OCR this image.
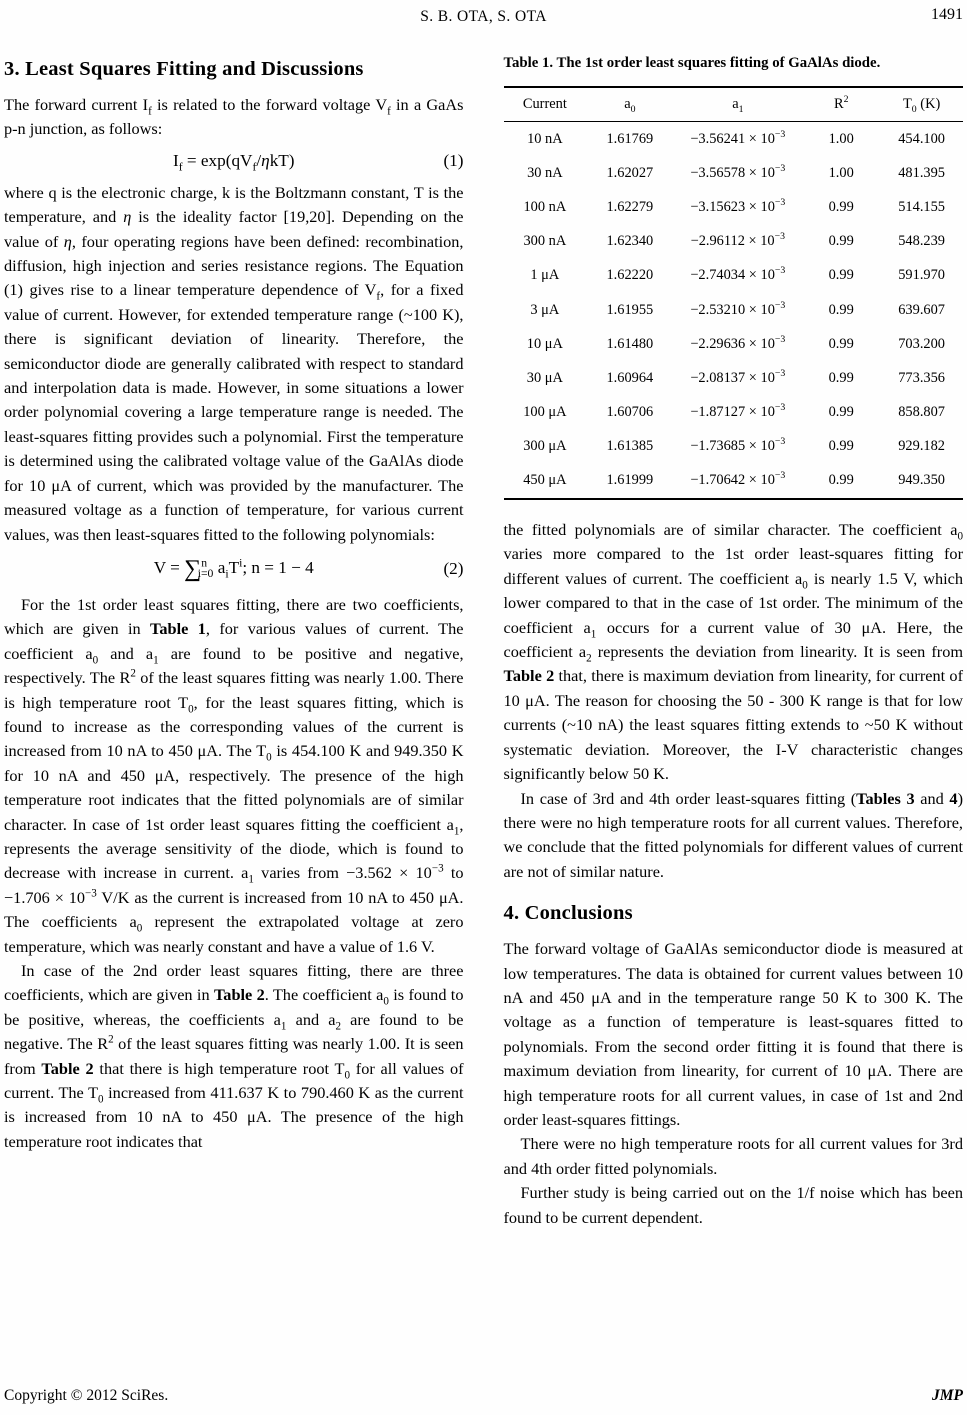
S. B. OTA, S. OTA	1491
3. Least Squares Fitting and Discussions

The forward current $I_f$ is related to the forward voltage $V_f$ in a GaAs p-n junction, as follows:

$I_f = \exp(qV_f/\eta kT)$	(1)

where q is the electronic charge, k is the Boltzmann constant, T is the temperature, and η is the ideality factor [19,20]. Depending on the value of η, four operating regions have been defined: recombination, diffusion, high injection and series resistance regions. The Equation (1) gives rise to a linear temperature dependence of $V_f$, for a fixed value of current. However, for extended temperature range (~100 K), there is significant deviation of linearity. Therefore, the semiconductor diode are generally calibrated with respect to standard and interpolation data is made. However, in some situations a lower order polynomial covering a large temperature range is needed. The least-squares fitting provides such a polynomial. First the temperature is determined using the calibrated voltage value of the GaAlAs diode for 10 μA of current, which was provided by the manufacturer. The measured voltage as a function of temperature, for various current values, was then least-squares fitted to the following polynomials:

V = ∑$^n_{i=0}$ $a_iT^i$; n = 1 − 4	(2)

For the 1st order least squares fitting, there are two coefficients, which are given in Table 1, for various values of current. The coefficient $a_0$ and $a_1$ are found to be positive and negative, respectively. The $R^2$ of the least squares fitting was nearly 1.00. There is high temperature root $T_0$, for the least squares fitting, which is found to increase as the corresponding values of the current is increased from 10 nA to 450 μA. The $T_0$ is 454.100 K and 949.350 K for 10 nA and 450 μA, respectively. The presence of the high temperature root indicates that the fitted polynomials are of similar character. In case of 1st order least squares fitting the coefficient $a_1$, represents the average sensitivity of the diode, which is found to decrease with increase in current. $a_1$ varies from $-3.562 \times 10^{-3}$ to $-1.706 \times 10^{-3}$ V/K as the current is increased from 10 nA to 450 μA. The coefficients $a_0$ represent the extrapolated voltage at zero temperature, which was nearly constant and have a value of 1.6 V.

In case of the 2nd order least squares fitting, there are three coefficients, which are given in Table 2. The coefficient $a_0$ is found to be positive, whereas, the coefficients $a_1$ and $a_2$ are found to be negative. The $R^2$ of the least squares fitting was nearly 1.00. It is seen from Table 2 that there is high temperature root $T_0$ for all values of current. The $T_0$ increased from 411.637 K to 790.460 K as the current is increased from 10 nA to 450 μA. The presence of the high temperature root indicates that

Table 1. The 1st order least squares fitting of GaAlAs diode.
Current	$a_0$	$a_1$	$R^2$	$T_0$ (K)
10 nA	1.61769	$-3.56241 \times 10^{-3}$	1.00	454.100
30 nA	1.62027	$-3.56578 \times 10^{-3}$	1.00	481.395
100 nA	1.62279	$-3.15623 \times 10^{-3}$	0.99	514.155
300 nA	1.62340	$-2.96112 \times 10^{-3}$	0.99	548.239
1 μA	1.62220	$-2.74034 \times 10^{-3}$	0.99	591.970
3 μA	1.61955	$-2.53210 \times 10^{-3}$	0.99	639.607
10 μA	1.61480	$-2.29636 \times 10^{-3}$	0.99	703.200
30 μA	1.60964	$-2.08137 \times 10^{-3}$	0.99	773.356
100 μA	1.60706	$-1.87127 \times 10^{-3}$	0.99	858.807
300 μA	1.61385	$-1.73685 \times 10^{-3}$	0.99	929.182
450 μA	1.61999	$-1.70642 \times 10^{-3}$	0.99	949.350

the fitted polynomials are of similar character. The coefficient $a_0$ varies more compared to the 1st order least-squares fitting for different values of current. The coefficient $a_0$ is nearly 1.5 V, which lower compared to that in the case of 1st order. The minimum of the coefficient $a_1$ occurs for a current value of 30 μA. Here, the coefficient $a_2$ represents the deviation from linearity. It is seen from Table 2 that, there is maximum deviation from linearity, for current of 10 μA. The reason for choosing the 50 - 300 K range is that for low currents (~10 nA) the least squares fitting extends to ~50 K without systematic deviation. Moreover, the I-V characteristic changes significantly below 50 K.

In case of 3rd and 4th order least-squares fitting (Tables 3 and 4) there were no high temperature roots for all current values. Therefore, we conclude that the fitted polynomials for different values of current are not of similar nature.

4. Conclusions

The forward voltage of GaAlAs semiconductor diode is measured at low temperatures. The data is obtained for current values between 10 nA and 450 μA and in the temperature range 50 K to 300 K. The voltage as a function of temperature is least-squares fitted to polynomials. From the second order fitting it is found that there is maximum deviation from linearity, for current of 10 μA. There are high temperature roots for all current values, in case of 1st and 2nd order least-squares fittings.

There were no high temperature roots for all current values for 3rd and 4th order fitted polynomials.

Further study is being carried out on the 1/f noise which has been found to be current dependent.

Copyright © 2012 SciRes.	JMP
